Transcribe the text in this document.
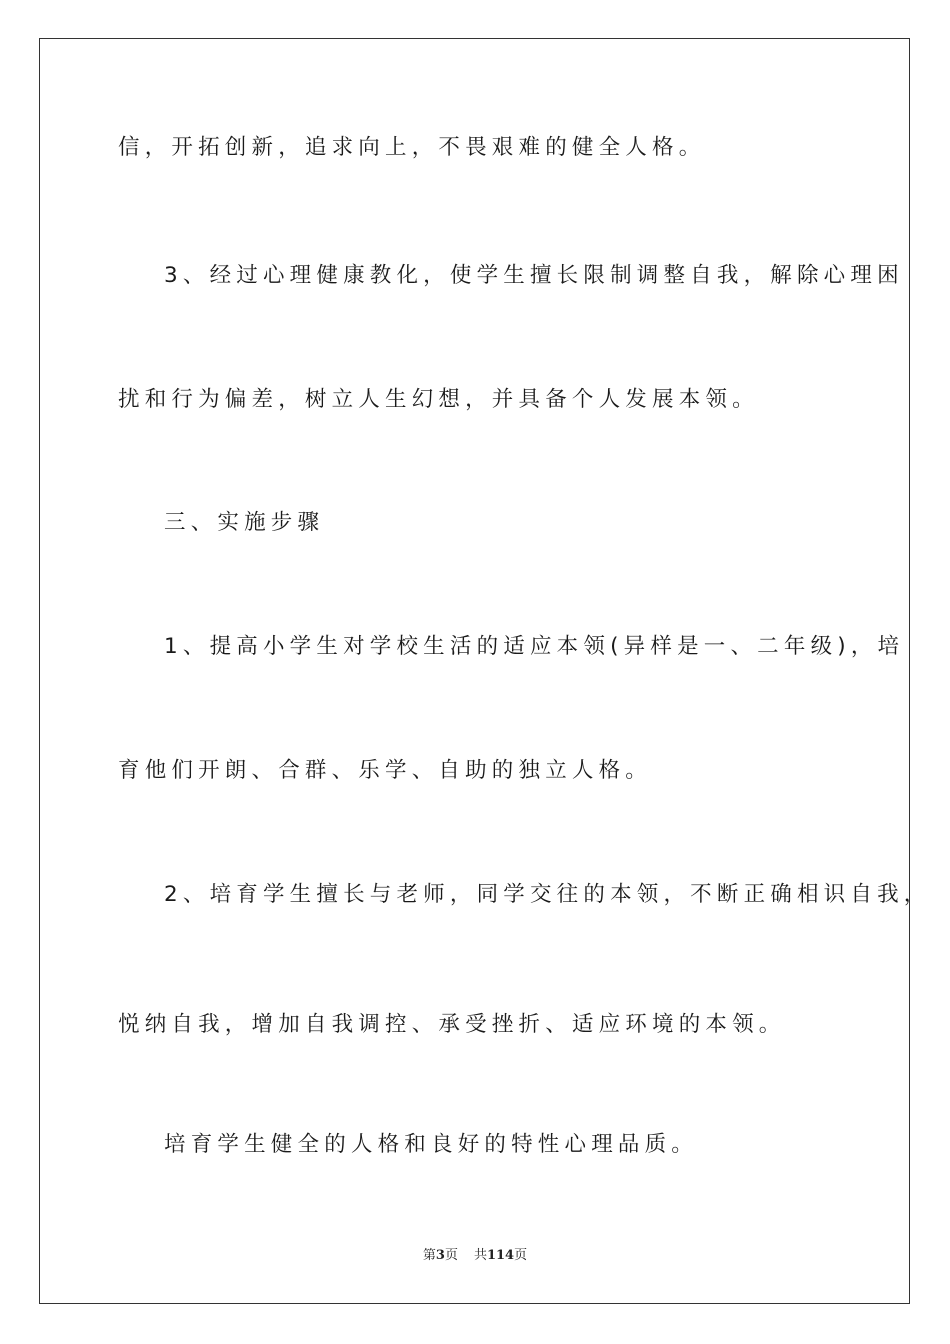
信，开拓创新，追求向上，不畏艰难的健全人格。
3、经过心理健康教化，使学生擅长限制调整自我，解除心理困
扰和行为偏差，树立人生幻想，并具备个人发展本领。
三、实施步骤
1、提高小学生对学校生活的适应本领(异样是一、二年级)，培
育他们开朗、合群、乐学、自助的独立人格。
2、培育学生擅长与老师，同学交往的本领，不断正确相识自我，
悦纳自我，增加自我调控、承受挫折、适应环境的本领。
培育学生健全的人格和良好的特性心理品质。
第3页 共114页
